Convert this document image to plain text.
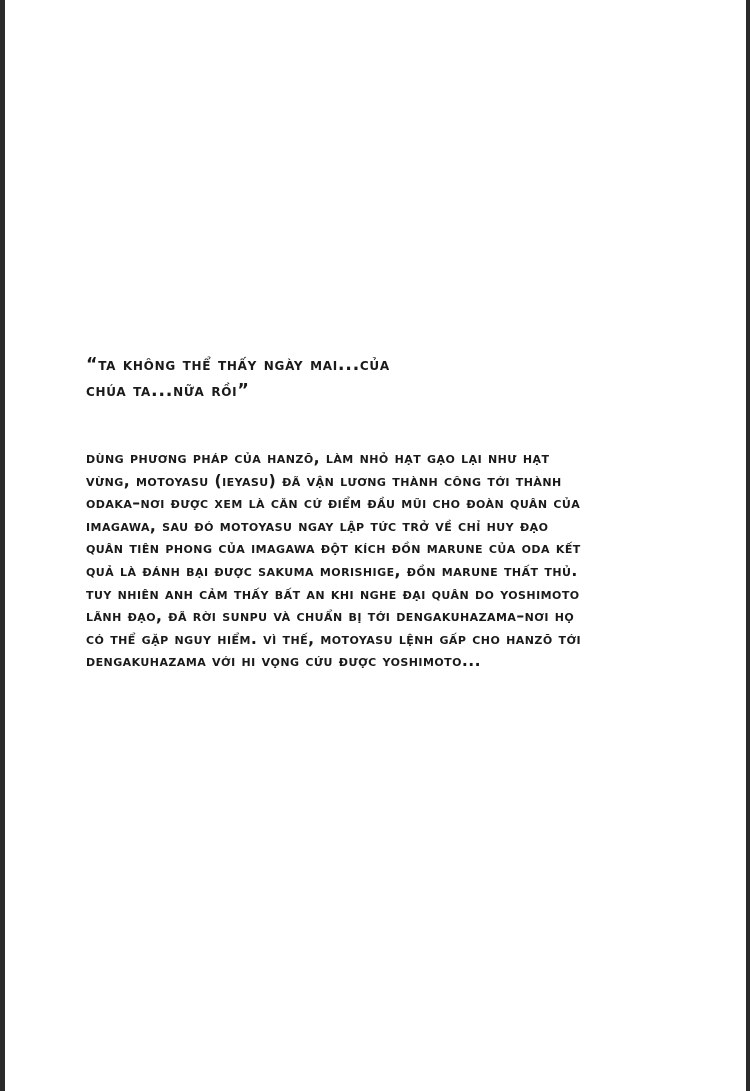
“ta không thể thấy ngày mai...của
chúa ta...nữa rồi”
dùng phương pháp của hanzō, làm nhỏ hạt gạo lại như hạt
vừng, motoyasu (ieyasu) đã vận lương thành công tới thành
odaka–nơi được xem là căn cứ điểm đầu mũi cho đoàn quân của
imagawa, sau đó motoyasu ngay lập tức trở về chỉ huy đạo
quân tiên phong của imagawa đột kích đồn marune của oda kết
quả là đánh bại được sakuma morishige, đồn marune thất thủ.
tuy nhiên anh cảm thấy bất an khi nghe đại quân do yoshimoto
lãnh đạo, đã rời sunpu và chuẩn bị tới dengakuhazama–nơi họ
có thể gặp nguy hiểm. vì thế, motoyasu lệnh gấp cho hanzō tới
dengakuhazama với hi vọng cứu được yoshimoto...
